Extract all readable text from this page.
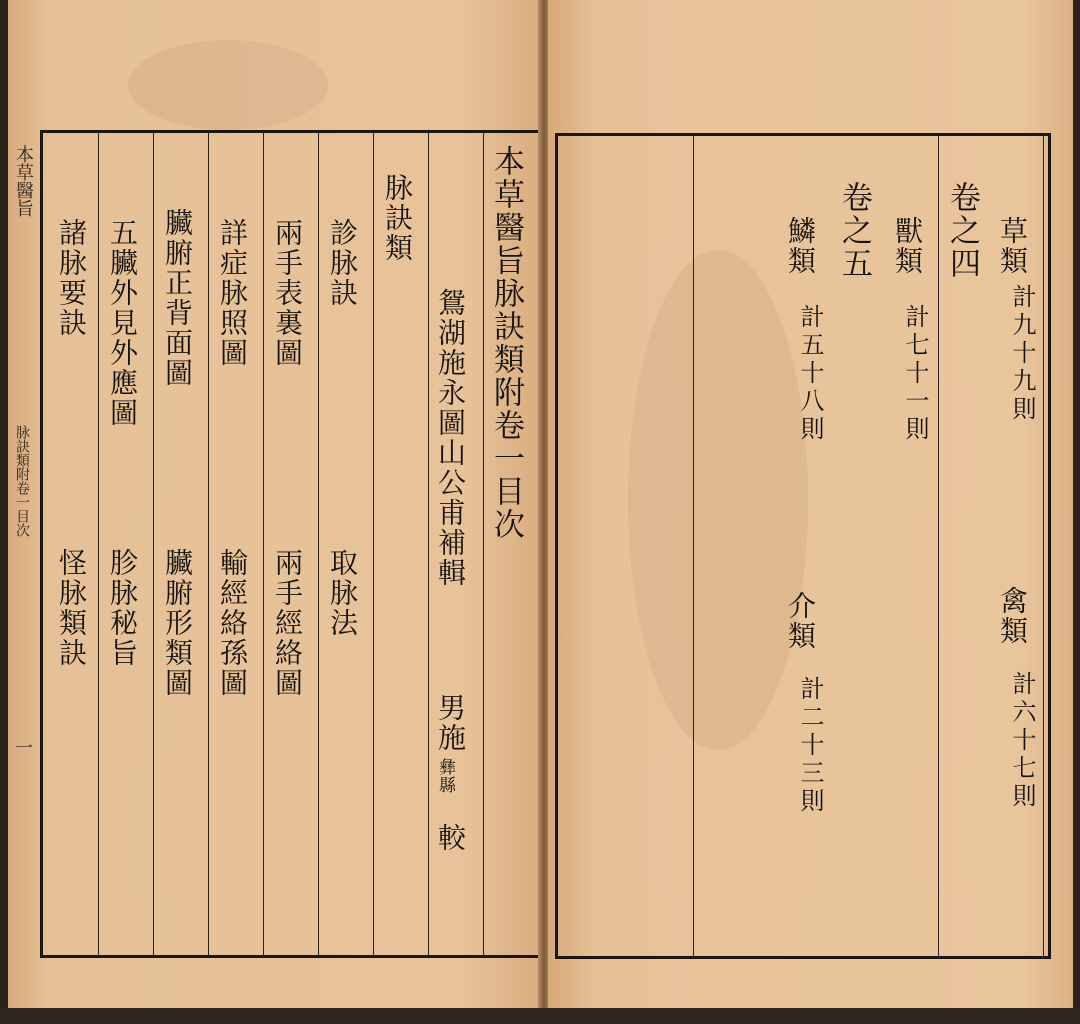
本草醫旨
脉訣類附卷一目次
一
本草醫旨脉訣類附卷一目次
鴛湖施永圖山公甫補輯
男施
彝縣
較
脉訣類
診脉訣
取脉法
兩手表裏圖
兩手經絡圖
詳症脉照圖
輸經絡孫圖
臟腑正背面圖
臟腑形類圖
五臟外見外應圖
胗脉秘旨
諸脉要訣
怪脉類訣
卷之五
鱗類
計五十八則
介類
計二十三則
卷之四
獸類
計七十一則
草類
計九十九則
禽類
計六十七則
